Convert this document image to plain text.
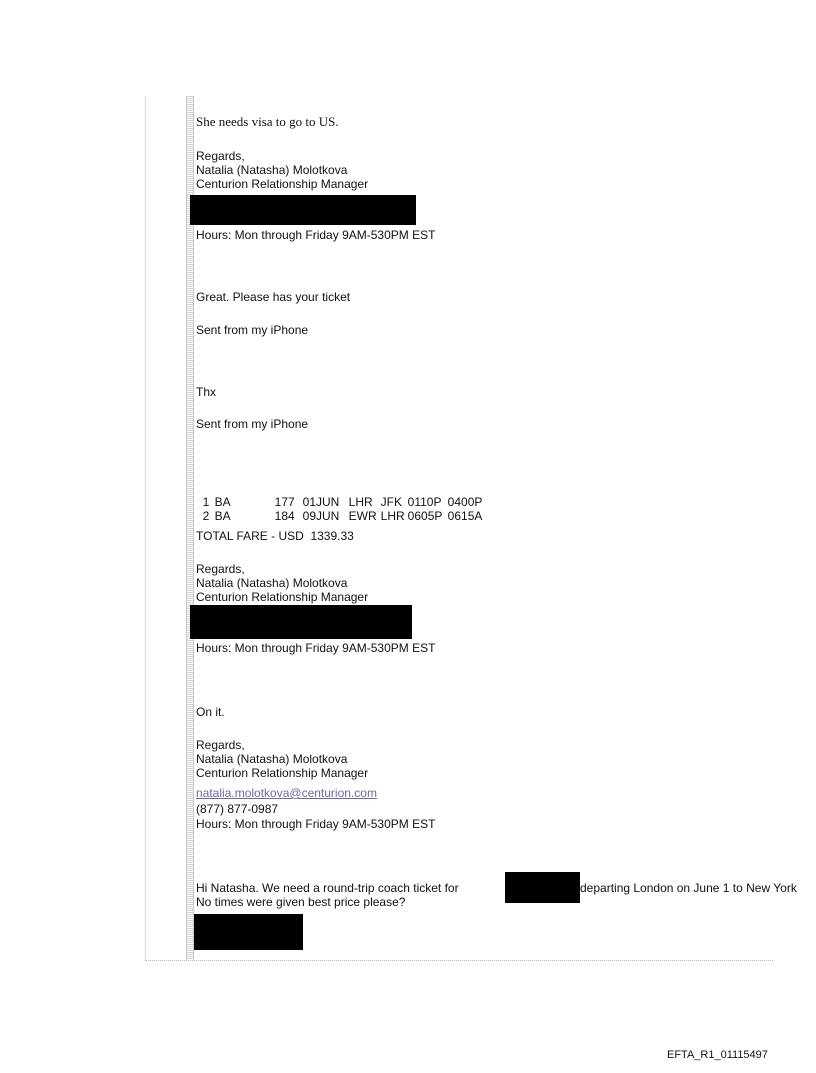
She needs visa to go to US.
Regards,
Natalia (Natasha) Molotkova
Centurion Relationship Manager
Hours: Mon through Friday 9AM-530PM EST
Great. Please has your ticket
Sent from my iPhone
Thx
Sent from my iPhone

1 BA	177 01JUN LHR JFK 0110P 0400P

2 BA	184 09JUN EWR LHR 0605P 0615A

TOTAL FARE - USD  1339.33
Regards,
Natalia (Natasha) Molotkova
Centurion Relationship Manager
Hours: Mon through Friday 9AM-530PM EST
On it.
Regards,
Natalia (Natasha) Molotkova
Centurion Relationship Manager
natalia.molotkova@centurion.com
(877) 877-0987
Hours: Mon through Friday 9AM-530PM EST
Hi Natasha. We need a round-trip coach ticket for	departing London on June 1 to New York
No times were given best price please?
EFTA_R1_01115497
